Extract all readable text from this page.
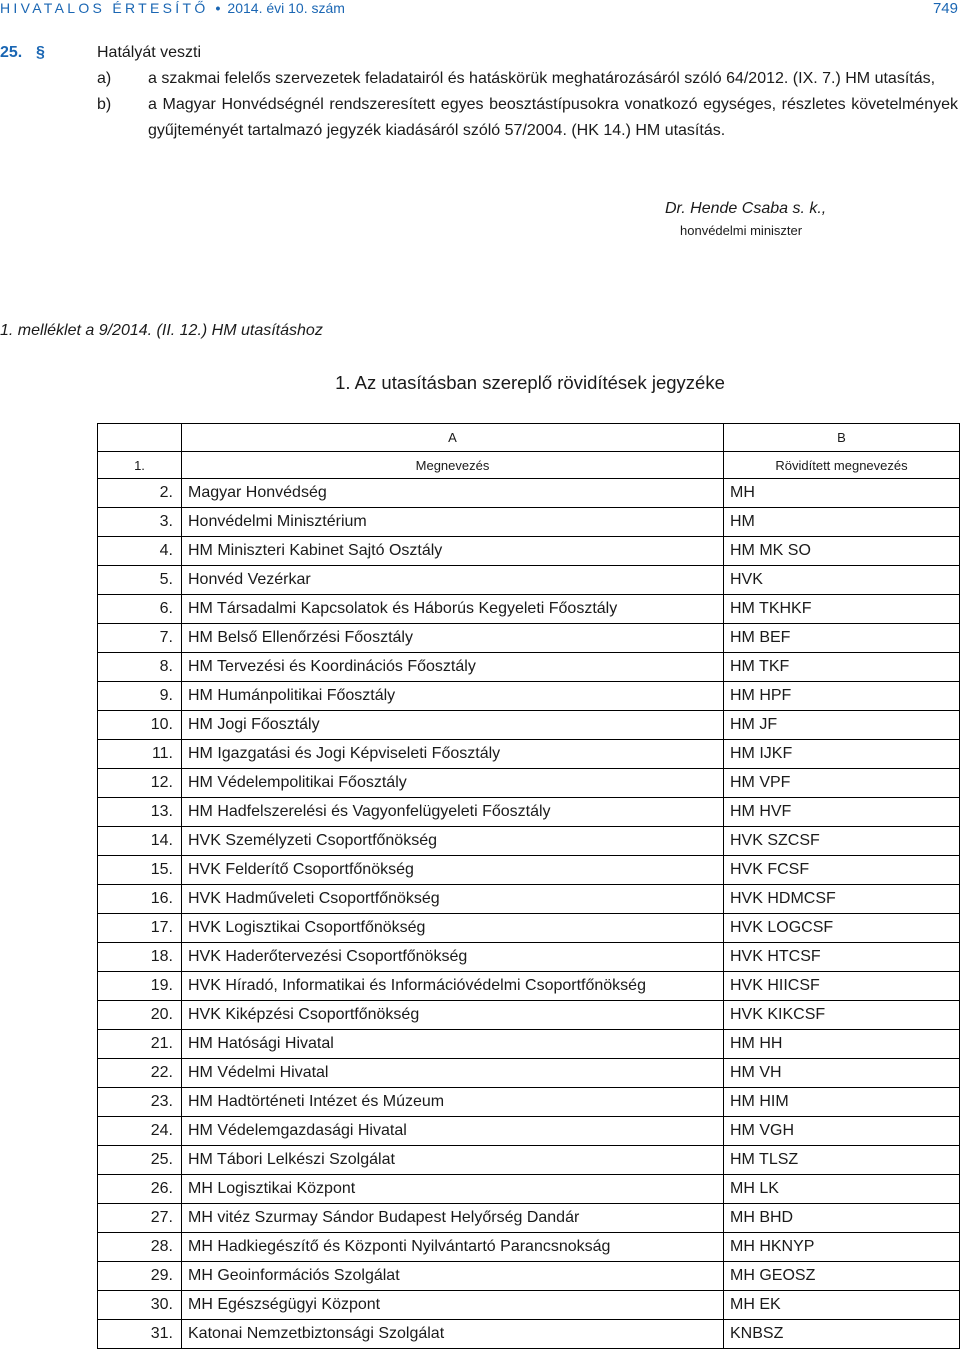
HIVATALOS ÉRTESÍTŐ • 2014. évi 10. szám	749
25. §	Hatályát veszti
a) a szakmai felelős szervezetek feladatairól és hatáskörük meghatározásáról szóló 64/2012. (IX. 7.) HM utasítás,
b) a Magyar Honvédségnél rendszeresített egyes beosztástípusokra vonatkozó egységes, részletes követelmények gyűjteményét tartalmazó jegyzék kiadásáról szóló 57/2004. (HK 14.) HM utasítás.
Dr. Hende Csaba s. k.,
honvédelmi miniszter
1. melléklet a 9/2014. (II. 12.) HM utasításhoz
1. Az utasításban szereplő rövidítések jegyzéke
	A	B
1.	Megnevezés	Rövidített megnevezés
2.	Magyar Honvédség	MH
3.	Honvédelmi Minisztérium	HM
4.	HM Miniszteri Kabinet Sajtó Osztály	HM MK SO
5.	Honvéd Vezérkar	HVK
6.	HM Társadalmi Kapcsolatok és Háborús Kegyeleti Főosztály	HM TKHKF
7.	HM Belső Ellenőrzési Főosztály	HM BEF
8.	HM Tervezési és Koordinációs Főosztály	HM TKF
9.	HM Humánpolitikai Főosztály	HM HPF
10.	HM Jogi Főosztály	HM JF
11.	HM Igazgatási és Jogi Képviseleti Főosztály	HM IJKF
12.	HM Védelempolitikai Főosztály	HM VPF
13.	HM Hadfelszerelési és Vagyonfelügyeleti Főosztály	HM HVF
14.	HVK Személyzeti Csoportfőnökség	HVK SZCSF
15.	HVK Felderítő Csoportfőnökség	HVK FCSF
16.	HVK Hadműveleti Csoportfőnökség	HVK HDMCSF
17.	HVK Logisztikai Csoportfőnökség	HVK LOGCSF
18.	HVK Haderőtervezési Csoportfőnökség	HVK HTCSF
19.	HVK Híradó, Informatikai és Információvédelmi Csoportfőnökség	HVK HIICSF
20.	HVK Kiképzési Csoportfőnökség	HVK KIKCSF
21.	HM Hatósági Hivatal	HM HH
22.	HM Védelmi Hivatal	HM VH
23.	HM Hadtörténeti Intézet és Múzeum	HM HIM
24.	HM Védelemgazdasági Hivatal	HM VGH
25.	HM Tábori Lelkészi Szolgálat	HM TLSZ
26.	MH Logisztikai Központ	MH LK
27.	MH vitéz Szurmay Sándor Budapest Helyőrség Dandár	MH BHD
28.	MH Hadkiegészítő és Központi Nyilvántartó Parancsnokság	MH HKNYP
29.	MH Geoinformációs Szolgálat	MH GEOSZ
30.	MH Egészségügyi Központ	MH EK
31.	Katonai Nemzetbiztonsági Szolgálat	KNBSZ
